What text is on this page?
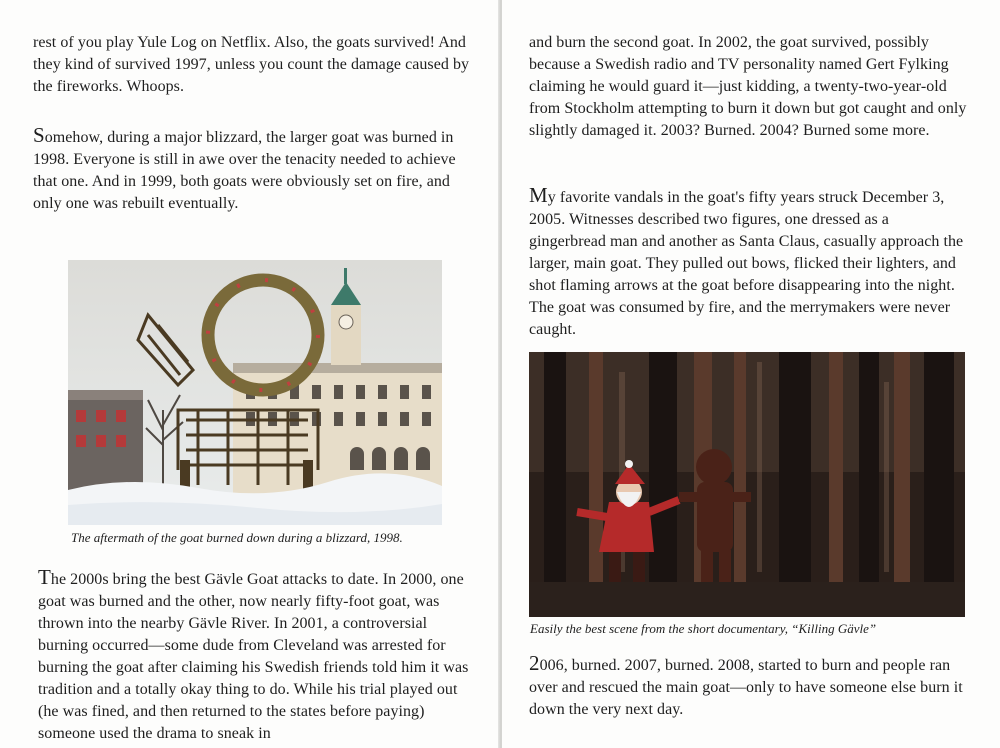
rest of you play Yule Log on Netflix. Also, the goats survived! And they kind of survived 1997, unless you count the damage caused by the fireworks. Whoops.

Somehow, during a major blizzard, the larger goat was burned in 1998. Everyone is still in awe over the tenacity needed to achieve that one. And in 1999, both goats were obviously set on fire, and only one was rebuilt eventually.

The aftermath of the goat burned down during a blizzard, 1998.

The 2000s bring the best Gävle Goat attacks to date. In 2000, one goat was burned and the other, now nearly fifty-foot goat, was thrown into the nearby Gävle River. In 2001, a controversial burning occurred—some dude from Cleveland was arrested for burning the goat after claiming his Swedish friends told him it was tradition and a totally okay thing to do. While his trial played out (he was fined, and then returned to the states before paying) someone used the drama to sneak in

and burn the second goat. In 2002, the goat survived, possibly because a Swedish radio and TV personality named Gert Fylking claiming he would guard it—just kidding, a twenty-two-year-old from Stockholm attempting to burn it down but got caught and only slightly damaged it. 2003? Burned. 2004? Burned some more.

My favorite vandals in the goat's fifty years struck December 3, 2005. Witnesses described two figures, one dressed as a gingerbread man and another as Santa Claus, casually approach the larger, main goat. They pulled out bows, flicked their lighters, and shot flaming arrows at the goat before disappearing into the night. The goat was consumed by fire, and the merrymakers were never caught.

Easily the best scene from the short documentary, “Killing Gävle”

2006, burned. 2007, burned. 2008, started to burn and people ran over and rescued the main goat—only to have someone else burn it down the very next day.
